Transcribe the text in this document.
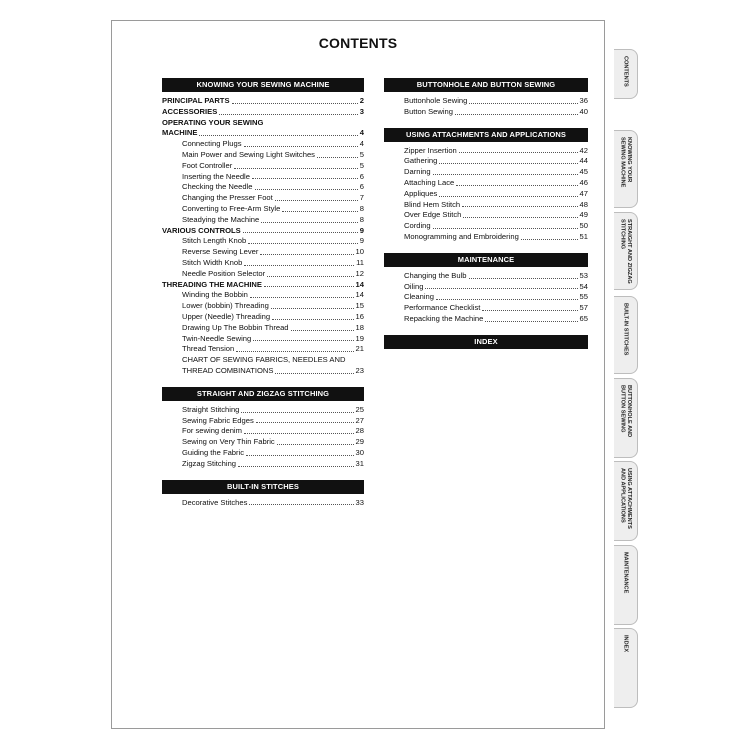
CONTENTS
KNOWING YOUR SEWING MACHINE
PRINCIPAL PARTS	2
ACCESSORIES	3
OPERATING YOUR SEWING
MACHINE	4
Connecting Plugs	4
Main Power and Sewing Light Switches	5
Foot Controller	5
Inserting the Needle	6
Checking the Needle	6
Changing the Presser Foot	7
Converting to Free-Arm Style	8
Steadying the Machine	8
VARIOUS CONTROLS	9
Stitch Length Knob	9
Reverse Sewing Lever	10
Stitch Width Knob	11
Needle Position Selector	12
THREADING THE MACHINE	14
Winding the Bobbin	14
Lower (bobbin) Threading	15
Upper (Needle) Threading	16
Drawing Up The Bobbin Thread	18
Twin-Needle Sewing	19
Thread Tension	21
CHART OF SEWING FABRICS, NEEDLES AND
THREAD COMBINATIONS	23
STRAIGHT AND ZIGZAG STITCHING
Straight Stitching	25
Sewing Fabric Edges	27
For sewing denim	28
Sewing on Very Thin Fabric	29
Guiding the Fabric	30
Zigzag Stitching	31
BUILT-IN STITCHES
Decorative Stitches	33
BUTTONHOLE AND BUTTON SEWING
Buttonhole Sewing	36
Button Sewing	40
USING ATTACHMENTS AND APPLICATIONS
Zipper Insertion	42
Gathering	44
Darning	45
Attaching Lace	46
Appliques	47
Blind Hem Stitch	48
Over Edge Stitch	49
Cording	50
Monogramming and Embroidering	51
MAINTENANCE
Changing the Bulb	53
Oiling	54
Cleaning	55
Performance Checklist	57
Repacking the Machine	65
INDEX
CONTENTS
KNOWING YOUR
SEWING MACHINE
STRAIGHT AND ZIGZAG
STITCHING
BUILT-IN STITCHES
BUTTONHOLE AND
BUTTON SEWING
USING ATTACHMENTS
AND APPLICATIONS
MAINTENANCE
INDEX
